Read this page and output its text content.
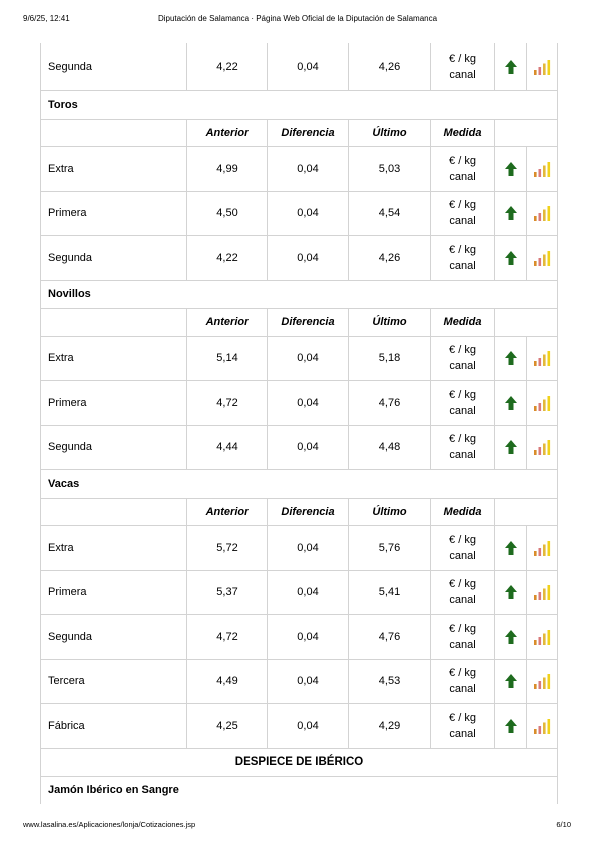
9/6/25, 12:41	Diputación de Salamanca · Página Web Oficial de la Diputación de Salamanca
Segunda	4,22	0,04	4,26	€ / kg
canal

Toros						
	Anterior	Diferencia	Último	Medida		
Extra	4,99	0,04	5,03	€ / kg
canal

Primera	4,50	0,04	4,54	€ / kg
canal

Segunda	4,22	0,04	4,26	€ / kg
canal

Novillos						
	Anterior	Diferencia	Último	Medida		
Extra	5,14	0,04	5,18	€ / kg
canal

Primera	4,72	0,04	4,76	€ / kg
canal

Segunda	4,44	0,04	4,48	€ / kg
canal

Vacas						
	Anterior	Diferencia	Último	Medida		
Extra	5,72	0,04	5,76	€ / kg
canal

Primera	5,37	0,04	5,41	€ / kg
canal

Segunda	4,72	0,04	4,76	€ / kg
canal

Tercera	4,49	0,04	4,53	€ / kg
canal

Fábrica	4,25	0,04	4,29	€ / kg
canal

DESPIECE DE IBÉRICO						
Jamón Ibérico en Sangre						
www.lasalina.es/Aplicaciones/lonja/Cotizaciones.jsp	6/10
